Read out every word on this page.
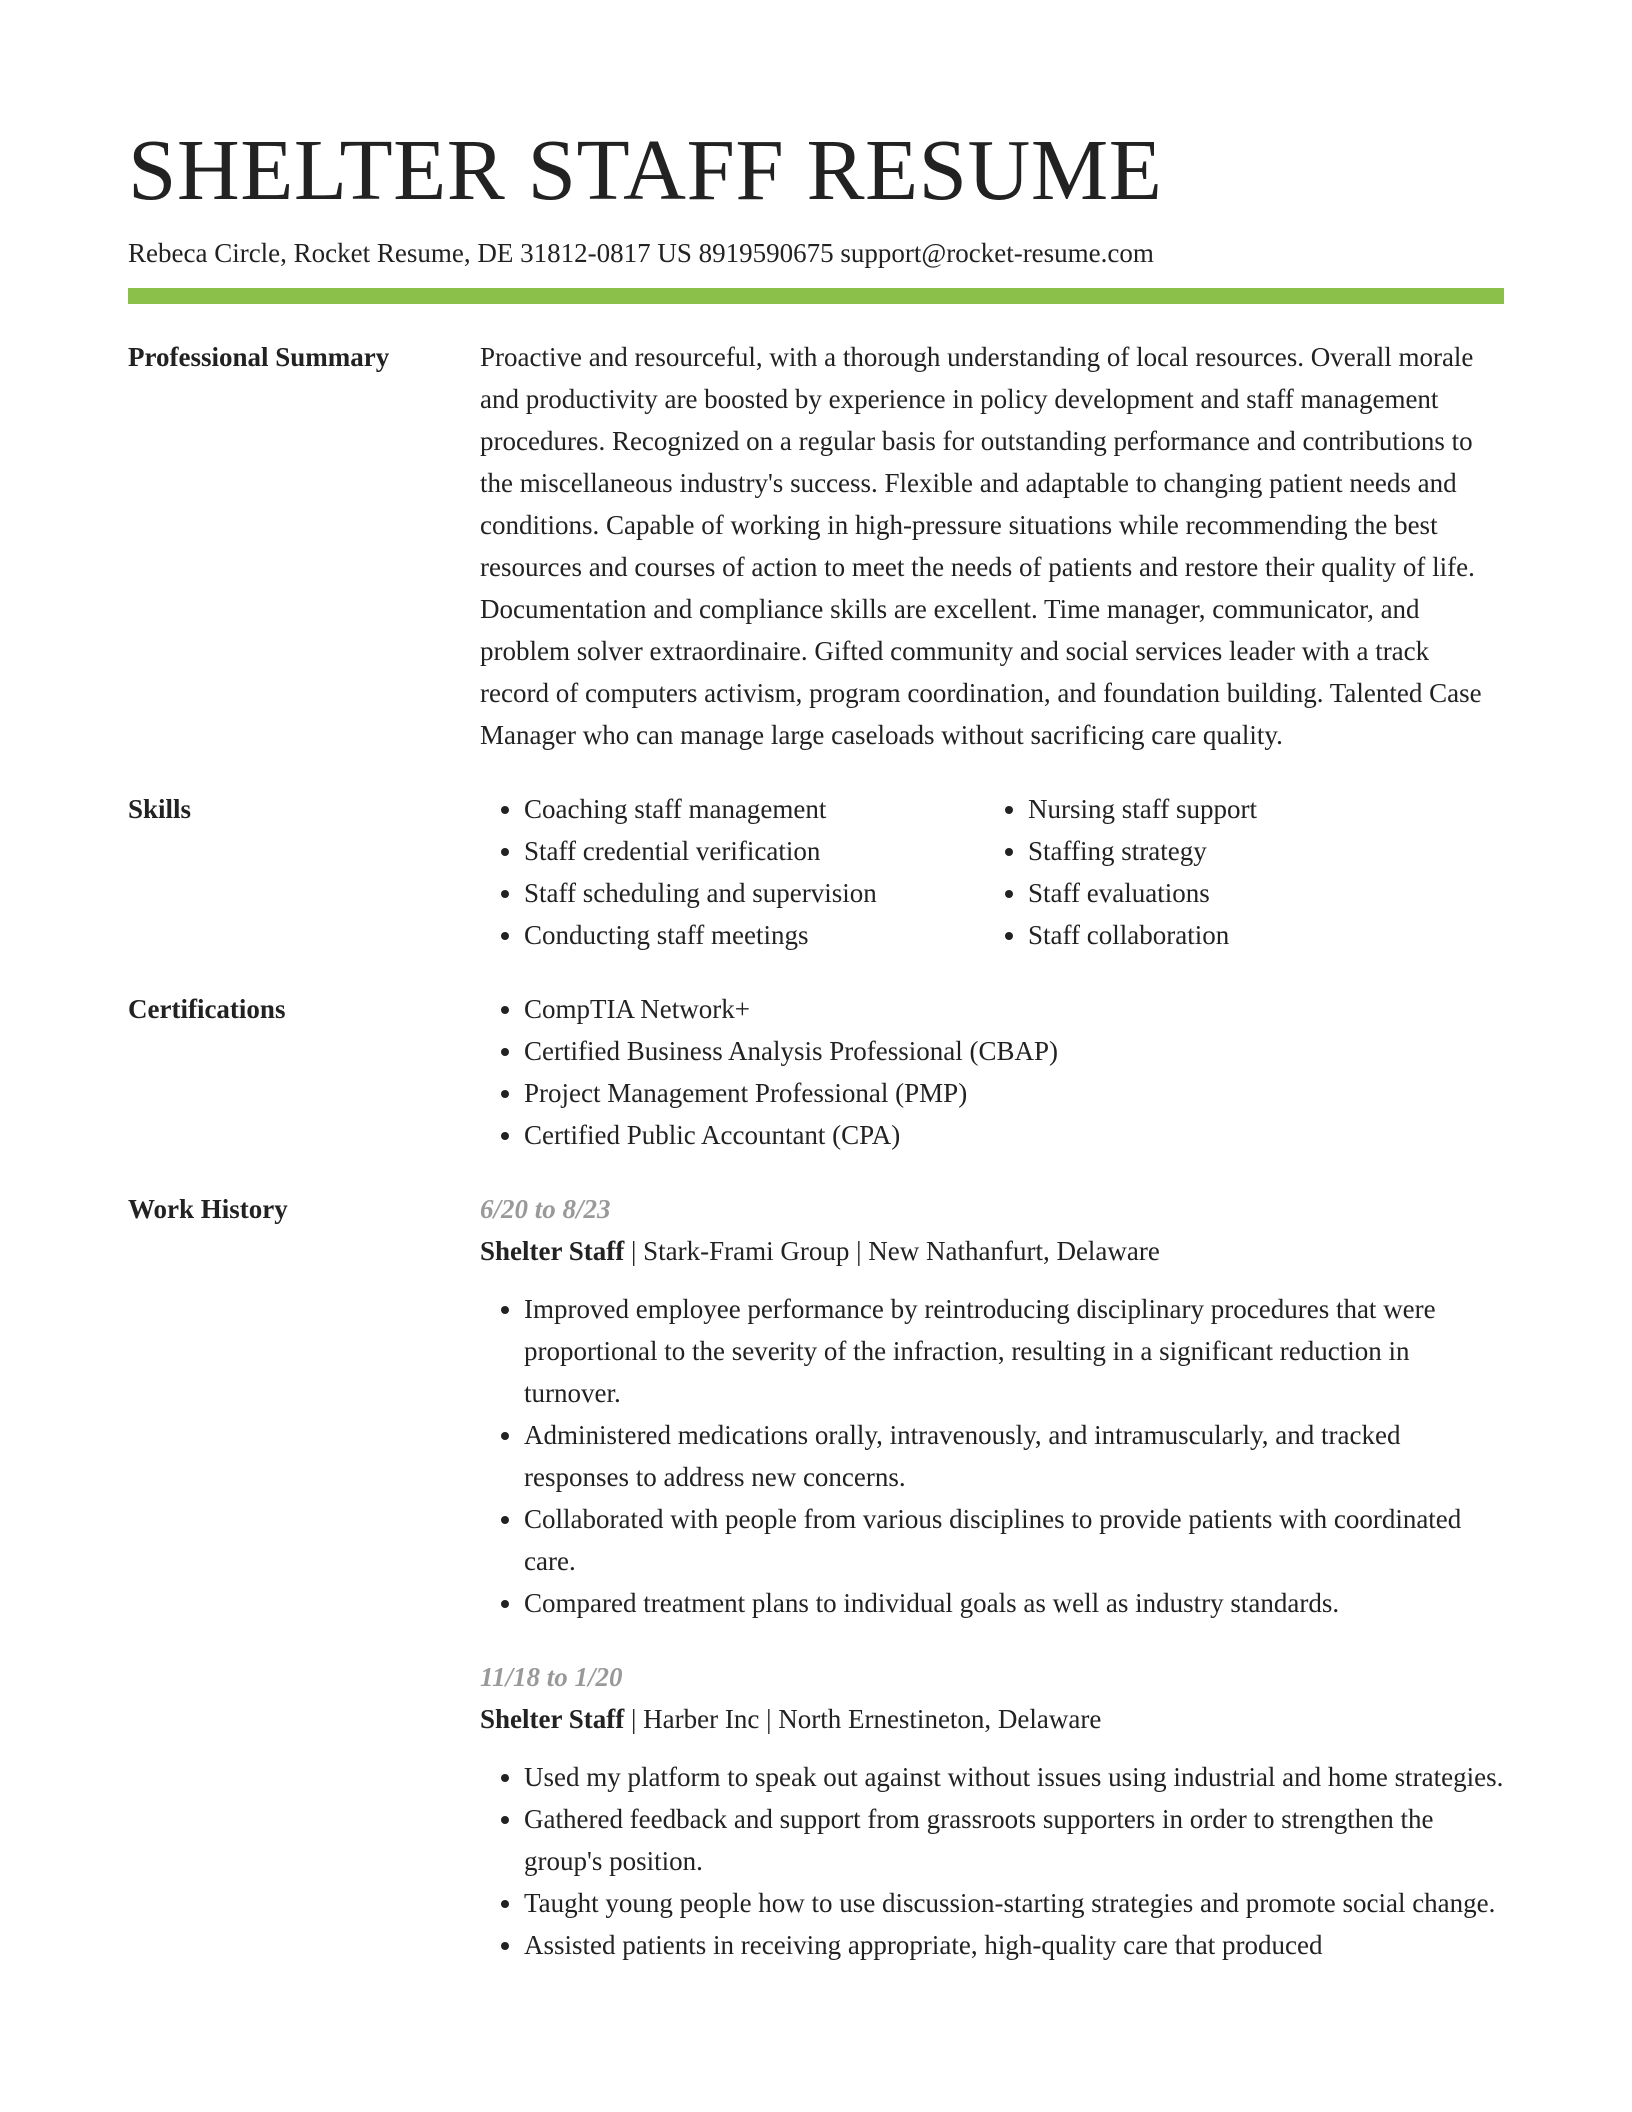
SHELTER STAFF RESUME
Rebeca Circle, Rocket Resume, DE 31812-0817 US 8919590675 support@rocket-resume.com
Professional Summary	Proactive and resourceful, with a thorough understanding of local resources. Overall morale and productivity are boosted by experience in policy development and staff management procedures. Recognized on a regular basis for outstanding performance and contributions to the miscellaneous industry's success. Flexible and adaptable to changing patient needs and conditions. Capable of working in high-pressure situations while recommending the best resources and courses of action to meet the needs of patients and restore their quality of life. Documentation and compliance skills are excellent. Time manager, communicator, and problem solver extraordinaire. Gifted community and social services leader with a track record of computers activism, program coordination, and foundation building. Talented Case Manager who can manage large caseloads without sacrificing care quality.
Skills	• Coaching staff management
• Staff credential verification
• Staff scheduling and supervision
• Conducting staff meetings
• Nursing staff support
• Staffing strategy
• Staff evaluations
• Staff collaboration
Certifications	• CompTIA Network+
• Certified Business Analysis Professional (CBAP)
• Project Management Professional (PMP)
• Certified Public Accountant (CPA)
Work History	6/20 to 8/23
Shelter Staff | Stark-Frami Group | New Nathanfurt, Delaware
• Improved employee performance by reintroducing disciplinary procedures that were proportional to the severity of the infraction, resulting in a significant reduction in turnover.
• Administered medications orally, intravenously, and intramuscularly, and tracked responses to address new concerns.
• Collaborated with people from various disciplines to provide patients with coordinated care.
• Compared treatment plans to individual goals as well as industry standards.
11/18 to 1/20
Shelter Staff | Harber Inc | North Ernestineton, Delaware
• Used my platform to speak out against without issues using industrial and home strategies.
• Gathered feedback and support from grassroots supporters in order to strengthen the group's position.
• Taught young people how to use discussion-starting strategies and promote social change.
• Assisted patients in receiving appropriate, high-quality care that produced
